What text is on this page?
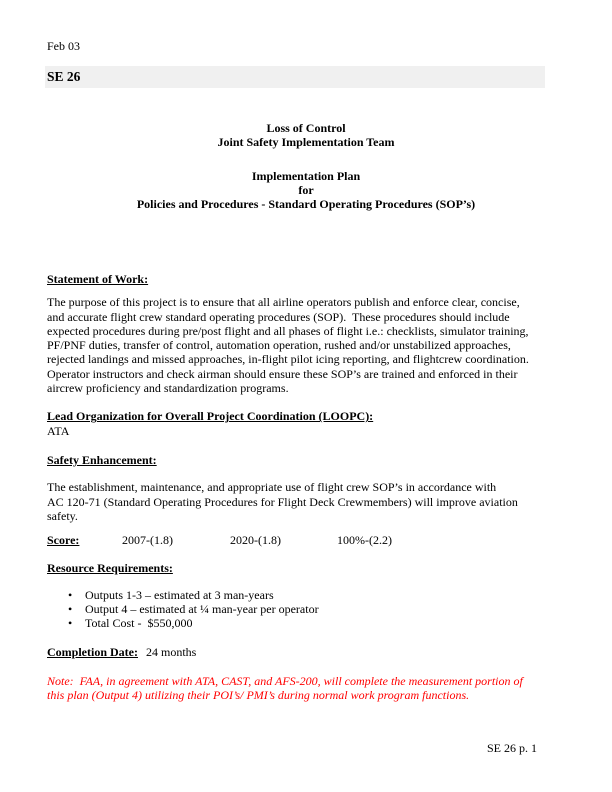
Feb 03
SE 26
Loss of Control
Joint Safety Implementation Team
Implementation Plan
for
Policies and Procedures - Standard Operating Procedures (SOP’s)
Statement of Work:
The purpose of this project is to ensure that all airline operators publish and enforce clear, concise,
and accurate flight crew standard operating procedures (SOP).  These procedures should include
expected procedures during pre/post flight and all phases of flight i.e.: checklists, simulator training,
PF/PNF duties, transfer of control, automation operation, rushed and/or unstabilized approaches,
rejected landings and missed approaches, in-flight pilot icing reporting, and flightcrew coordination.
Operator instructors and check airman should ensure these SOP’s are trained and enforced in their
aircrew proficiency and standardization programs.
Lead Organization for Overall Project Coordination (LOOPC):
ATA
Safety Enhancement:
The establishment, maintenance, and appropriate use of flight crew SOP’s in accordance with
AC 120-71 (Standard Operating Procedures for Flight Deck Crewmembers) will improve aviation
safety.
Score:	2007-(1.8)	2020-(1.8)	100%-(2.2)
Resource Requirements:
• Outputs 1-3 – estimated at 3 man-years
• Output 4 – estimated at ¼ man-year per operator
• Total Cost -  $550,000
Completion Date: 24 months
Note:  FAA, in agreement with ATA, CAST, and AFS-200, will complete the measurement portion of
this plan (Output 4) utilizing their POI’s/ PMI’s during normal work program functions.
SE 26 p. 1
